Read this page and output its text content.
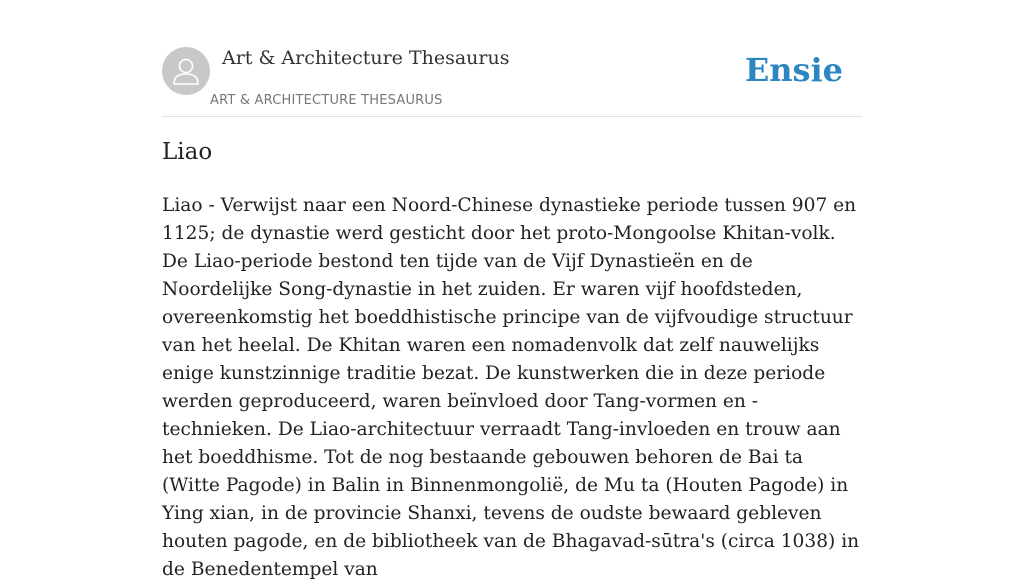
Art & Architecture Thesaurus
ART & ARCHITECTURE THESAURUS
Ensie
Liao

Liao - Verwijst naar een Noord-Chinese dynastieke periode tussen 907 en 1125; de dynastie werd gesticht door het proto-Mongoolse Khitan-volk. De Liao-periode bestond ten tijde van de Vijf Dynastieën en de Noordelijke Song-dynastie in het zuiden. Er waren vijf hoofdsteden, overeenkomstig het boeddhistische principe van de vijfvoudige structuur van het heelal. De Khitan waren een nomadenvolk dat zelf nauwelijks enige kunstzinnige traditie bezat. De kunstwerken die in deze periode werden geproduceerd, waren beïnvloed door Tang-vormen en -technieken. De Liao-architectuur verraadt Tang-invloeden en trouw aan het boeddhisme. Tot de nog bestaande gebouwen behoren de Bai ta (Witte Pagode) in Balin in Binnenmongolië, de Mu ta (Houten Pagode) in Ying xian, in de provincie Shanxi, tevens de oudste bewaard gebleven houten pagode, en de bibliotheek van de Bhagavad-sūtra's (circa 1038) in de Benedentempel van
